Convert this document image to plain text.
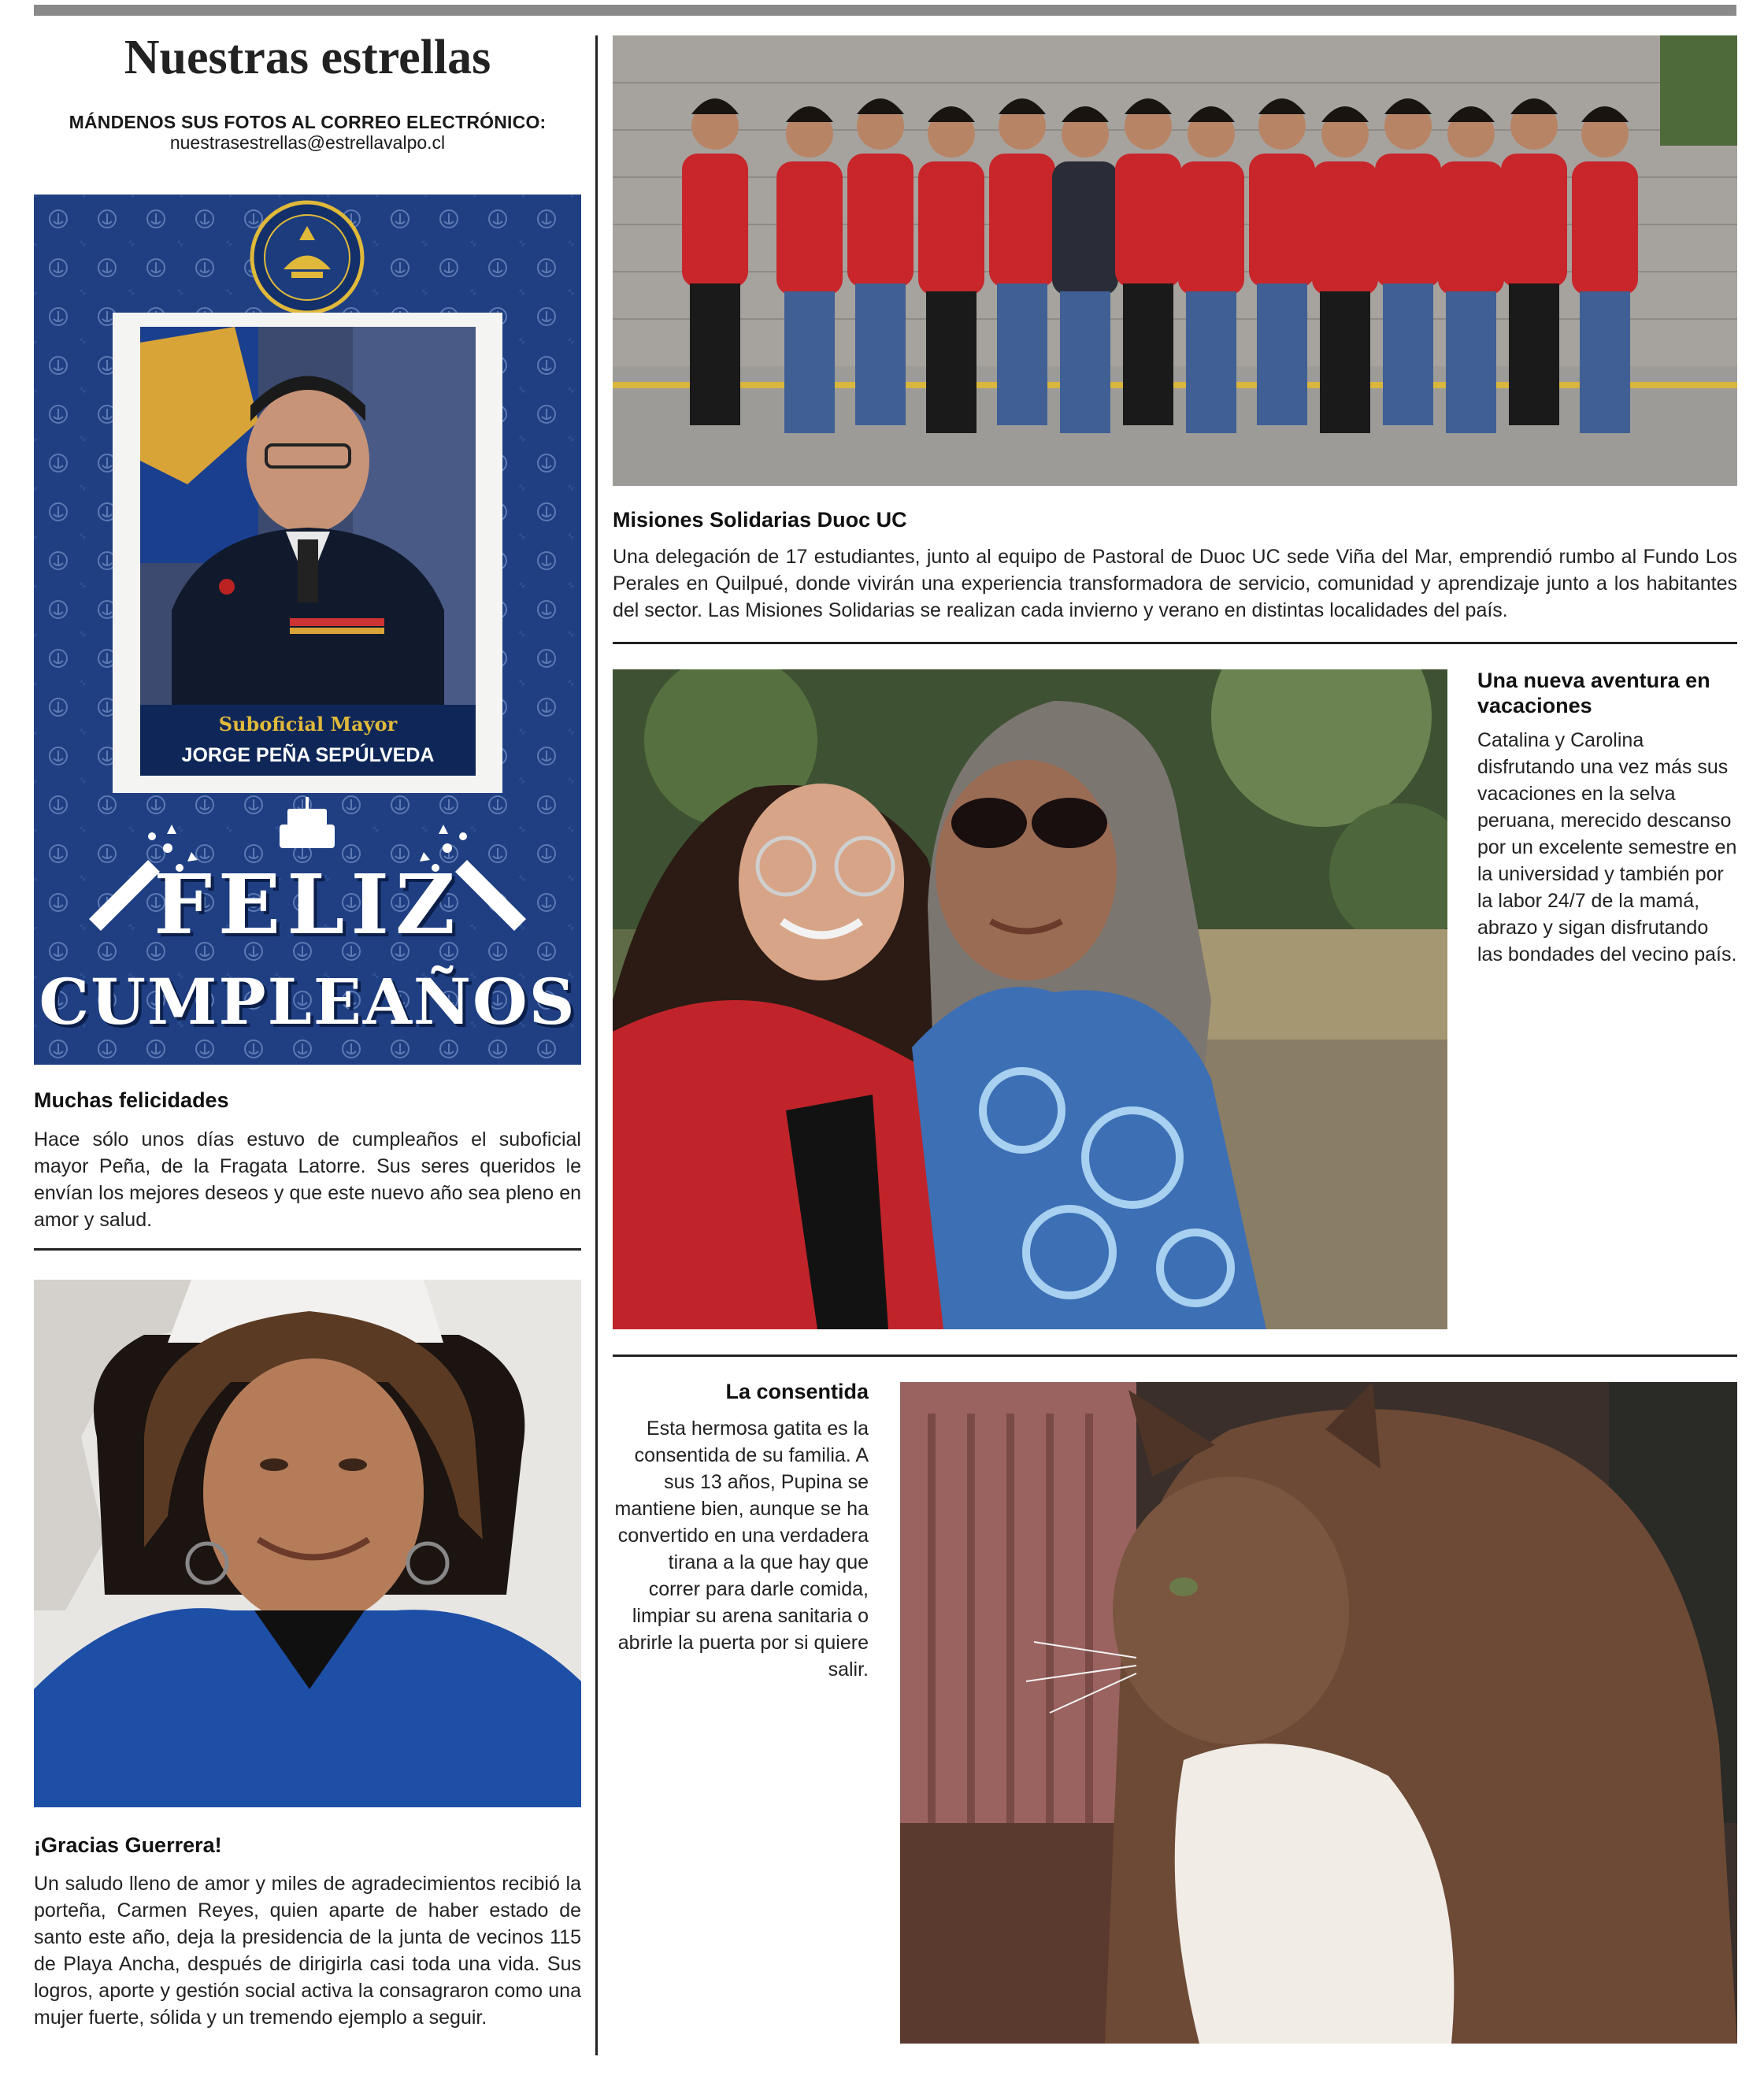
Nuestras estrellas
MÁNDENOS SUS FOTOS AL CORREO ELECTRÓNICO:
nuestrasestrellas@estrellavalpo.cl
Suboficial Mayor
JORGE PEÑA SEPÚLVEDA
FELIZ
CUMPLEAÑOS
Muchas felicidades
Hace sólo unos días estuvo de cumpleaños el suboficial mayor Peña, de la Fragata Latorre. Sus seres queridos le envían los mejores deseos y que este nuevo año sea pleno en amor y salud.
¡Gracias Guerrera!
Un saludo lleno de amor y miles de agradecimientos recibió la porteña, Carmen Reyes, quien aparte de haber estado de santo este año, deja la presidencia de la junta de vecinos 115 de Playa Ancha, después de dirigirla casi toda una vida. Sus logros, aporte y gestión social activa la consagraron como una mujer fuerte, sólida y un tremendo ejemplo a seguir.
Misiones Solidarias Duoc UC
Una delegación de 17 estudiantes, junto al equipo de Pastoral de Duoc UC sede Viña del Mar, emprendió rumbo al Fundo Los Perales en Quilpué, donde vivirán una experiencia transformadora de servicio, comunidad y aprendizaje junto a los habitantes del sector. Las Misiones Solidarias se realizan cada invierno y verano en distintas localidades del país.
Una nueva aventura en vacaciones
Catalina y Carolina disfrutando una vez más sus vacaciones en la selva peruana, merecido descanso por un excelente semestre en la universidad y también por la labor 24/7 de la mamá, abrazo y sigan disfrutando las bondades del vecino país.
La consentida
Esta hermosa gatita es la consentida de su familia. A sus 13 años, Pupina se mantiene bien, aunque se ha convertido en una verdadera tirana a la que hay que correr para darle comida, limpiar su arena sanitaria o abrirle la puerta por si quiere salir.
